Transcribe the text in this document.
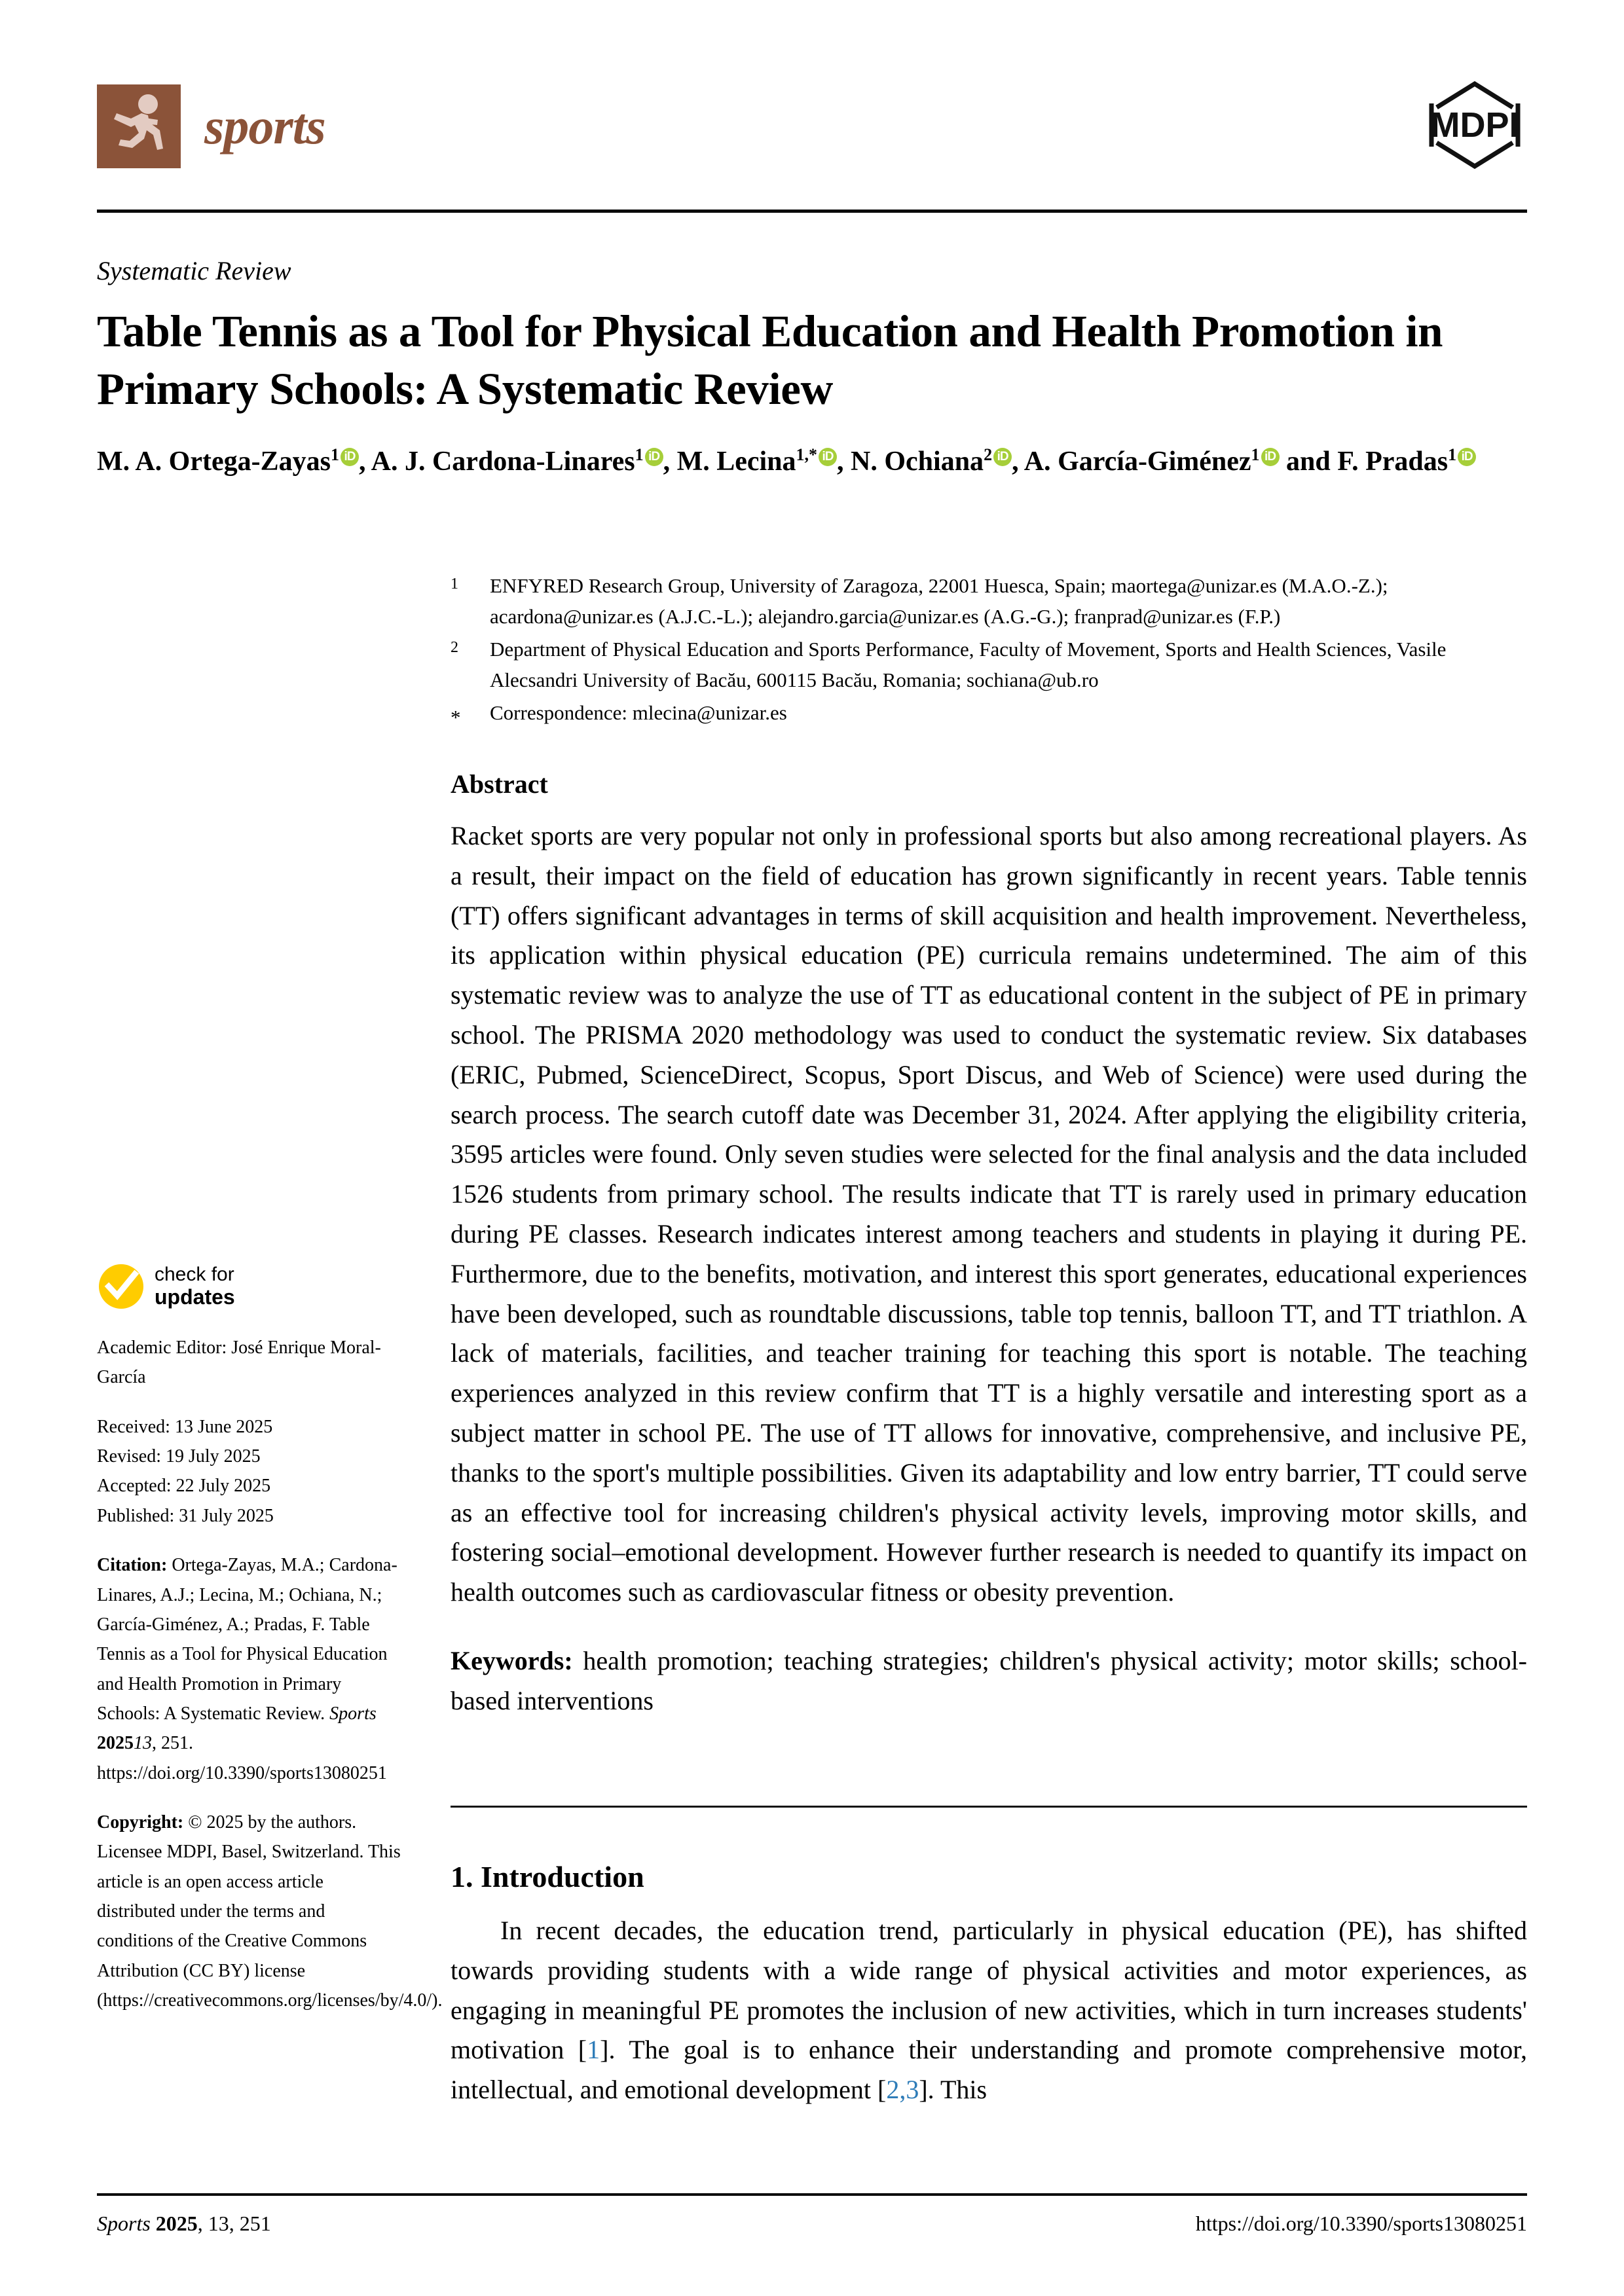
sports	MDPI
Systematic Review
Table Tennis as a Tool for Physical Education and Health Promotion in Primary Schools: A Systematic Review

M. A. Ortega-Zayas$^1$ iD , A. J. Cardona-Linares$^1$ iD , M. Lecina$^{1,*}$ iD , N. Ochiana$^2$ iD , A. García-Giménez$^1$ iD and F. Pradas$^1$ iD

1	ENFYRED Research Group, University of Zaragoza, 22001 Huesca, Spain; maortega@unizar.es (M.A.O.-Z.); acardona@unizar.es (A.J.C.-L.); alejandro.garcia@unizar.es (A.G.-G.); franprad@unizar.es (F.P.)
2	Department of Physical Education and Sports Performance, Faculty of Movement, Sports and Health Sciences, Vasile Alecsandri University of Bacău, 600115 Bacău, Romania; sochiana@ub.ro
*	Correspondence: mlecina@unizar.es
Abstract

Racket sports are very popular not only in professional sports but also among recreational players. As a result, their impact on the field of education has grown significantly in recent years. Table tennis (TT) offers significant advantages in terms of skill acquisition and health improvement. Nevertheless, its application within physical education (PE) curricula remains undetermined. The aim of this systematic review was to analyze the use of TT as educational content in the subject of PE in primary school. The PRISMA 2020 methodology was used to conduct the systematic review. Six databases (ERIC, Pubmed, ScienceDirect, Scopus, Sport Discus, and Web of Science) were used during the search process. The search cutoff date was December 31, 2024. After applying the eligibility criteria, 3595 articles were found. Only seven studies were selected for the final analysis and the data included 1526 students from primary school. The results indicate that TT is rarely used in primary education during PE classes. Research indicates interest among teachers and students in playing it during PE. Furthermore, due to the benefits, motivation, and interest this sport generates, educational experiences have been developed, such as roundtable discussions, table top tennis, balloon TT, and TT triathlon. A lack of materials, facilities, and teacher training for teaching this sport is notable. The teaching experiences analyzed in this review confirm that TT is a highly versatile and interesting sport as a subject matter in school PE. The use of TT allows for innovative, comprehensive, and inclusive PE, thanks to the sport's multiple possibilities. Given its adaptability and low entry barrier, TT could serve as an effective tool for increasing children's physical activity levels, improving motor skills, and fostering social–emotional development. However further research is needed to quantify its impact on health outcomes such as cardiovascular fitness or obesity prevention.

Keywords: health promotion; teaching strategies; children's physical activity; motor skills; school-based interventions

1. Introduction

In recent decades, the education trend, particularly in physical education (PE), has shifted towards providing students with a wide range of physical activities and motor experiences, as engaging in meaningful PE promotes the inclusion of new activities, which in turn increases students' motivation [1]. The goal is to enhance their understanding and promote comprehensive motor, intellectual, and emotional development [2,3]. This

check for
updates

Academic Editor: José Enrique Moral-García

Received: 13 June 2025

Revised: 19 July 2025

Accepted: 22 July 2025

Published: 31 July 2025

Citation: Ortega-Zayas, M.A.; Cardona-Linares, A.J.; Lecina, M.; Ochiana, N.; García-Giménez, A.; Pradas, F. Table Tennis as a Tool for Physical Education and Health Promotion in Primary Schools: A Systematic Review. Sports 202513, 251. https://doi.org/10.3390/sports13080251

Copyright: © 2025 by the authors. Licensee MDPI, Basel, Switzerland. This article is an open access article distributed under the terms and conditions of the Creative Commons Attribution (CC BY) license (https://creativecommons.org/licenses/by/4.0/).

Sports 2025, 13, 251	https://doi.org/10.3390/sports13080251
